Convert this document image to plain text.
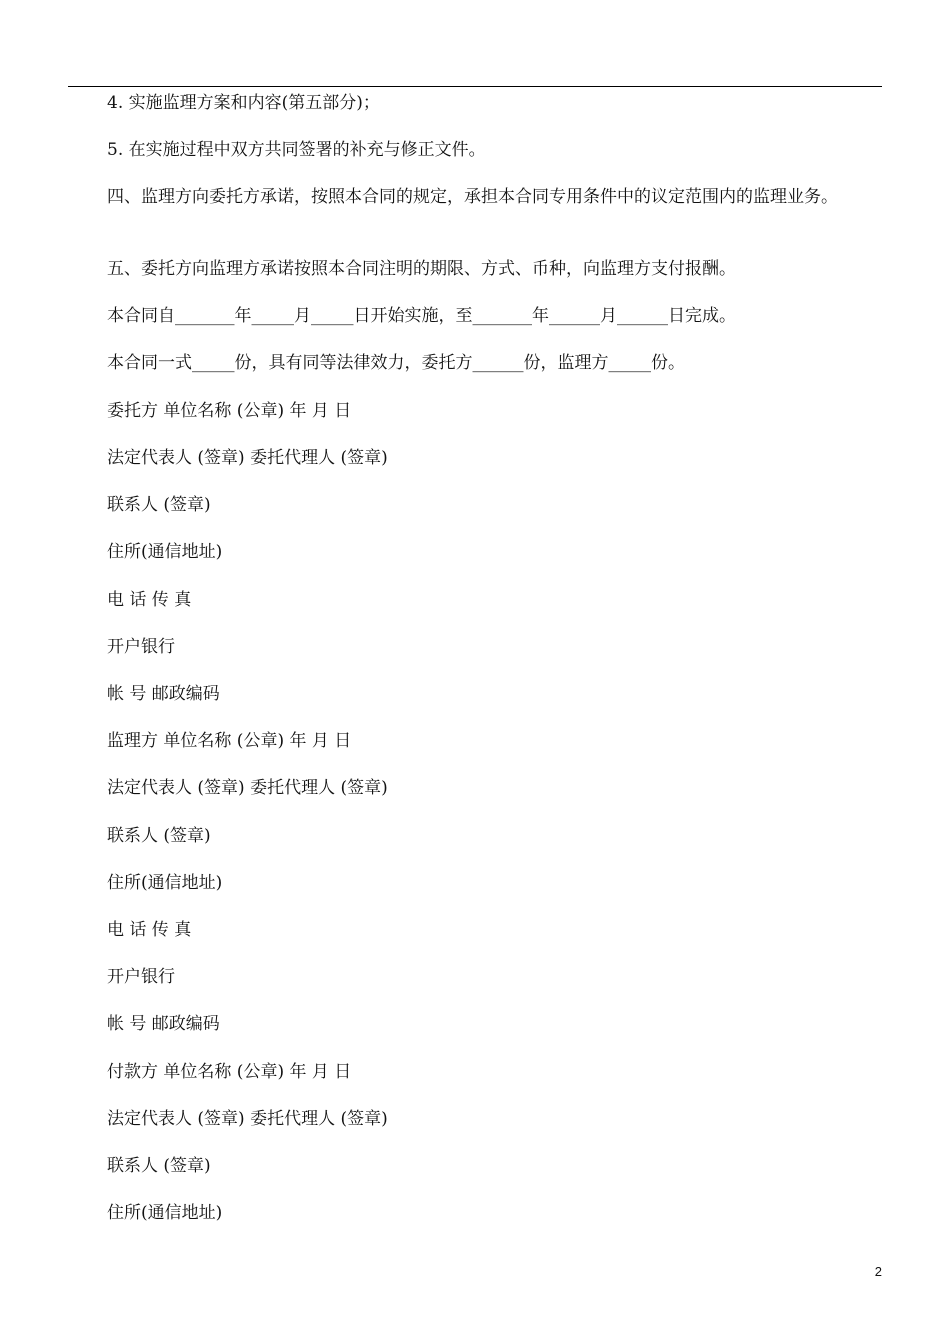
4. 实施监理方案和内容(第五部分)；

5. 在实施过程中双方共同签署的补充与修正文件。

四、监理方向委托方承诺，按照本合同的规定，承担本合同专用条件中的议定范围内的监理业务。

五、委托方向监理方承诺按照本合同注明的期限、方式、币种，向监理方支付报酬。

本合同自_______年_____月_____日开始实施，至_______年______月______日完成。

本合同一式_____份，具有同等法律效力，委托方______份，监理方_____份。

委托方 单位名称 (公章) 年 月 日

法定代表人 (签章) 委托代理人 (签章)

联系人 (签章)

住所(通信地址)

电 话 传 真

开户银行

帐 号 邮政编码

监理方 单位名称 (公章) 年 月 日

法定代表人 (签章) 委托代理人 (签章)

联系人 (签章)

住所(通信地址)

电 话 传 真

开户银行

帐 号 邮政编码

付款方 单位名称 (公章) 年 月 日

法定代表人 (签章) 委托代理人 (签章)

联系人 (签章)

住所(通信地址)

2
